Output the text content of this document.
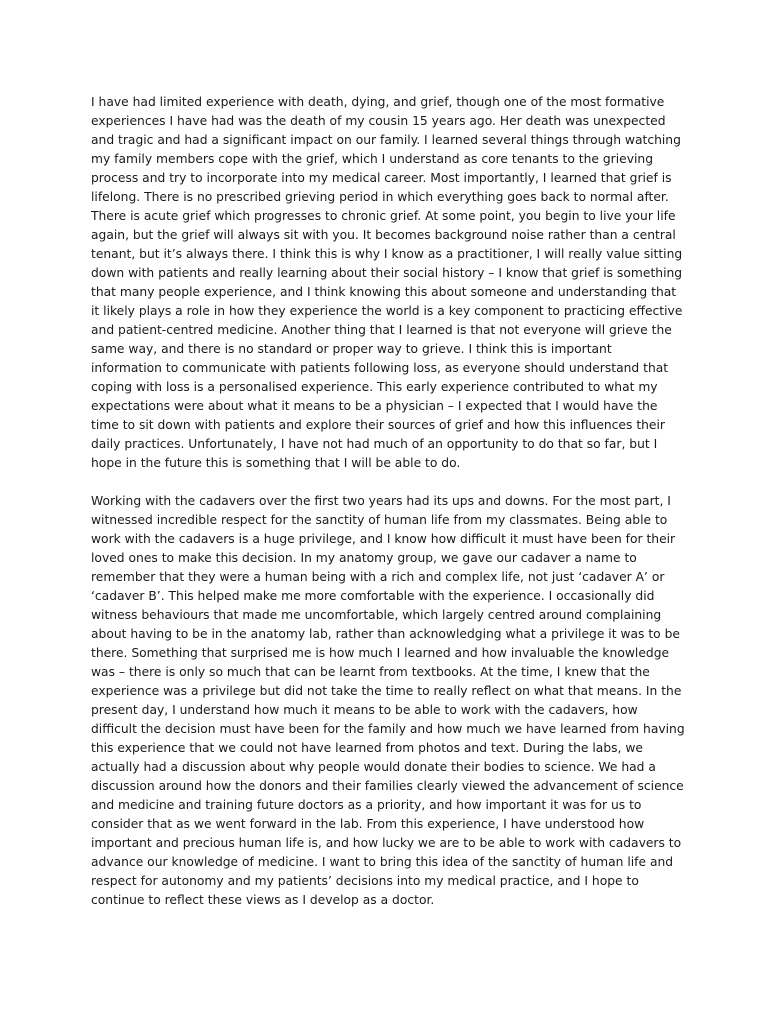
I have had limited experience with death, dying, and grief, though one of the most formative
experiences I have had was the death of my cousin 15 years ago. Her death was unexpected
and tragic and had a significant impact on our family. I learned several things through watching
my family members cope with the grief, which I understand as core tenants to the grieving
process and try to incorporate into my medical career. Most importantly, I learned that grief is
lifelong. There is no prescribed grieving period in which everything goes back to normal after.
There is acute grief which progresses to chronic grief. At some point, you begin to live your life
again, but the grief will always sit with you. It becomes background noise rather than a central
tenant, but it’s always there. I think this is why I know as a practitioner, I will really value sitting
down with patients and really learning about their social history – I know that grief is something
that many people experience, and I think knowing this about someone and understanding that
it likely plays a role in how they experience the world is a key component to practicing effective
and patient-centred medicine. Another thing that I learned is that not everyone will grieve the
same way, and there is no standard or proper way to grieve. I think this is important
information to communicate with patients following loss, as everyone should understand that
coping with loss is a personalised experience. This early experience contributed to what my
expectations were about what it means to be a physician – I expected that I would have the
time to sit down with patients and explore their sources of grief and how this influences their
daily practices. Unfortunately, I have not had much of an opportunity to do that so far, but I
hope in the future this is something that I will be able to do.
Working with the cadavers over the first two years had its ups and downs. For the most part, I
witnessed incredible respect for the sanctity of human life from my classmates. Being able to
work with the cadavers is a huge privilege, and I know how difficult it must have been for their
loved ones to make this decision. In my anatomy group, we gave our cadaver a name to
remember that they were a human being with a rich and complex life, not just ‘cadaver A’ or
‘cadaver B’. This helped make me more comfortable with the experience. I occasionally did
witness behaviours that made me uncomfortable, which largely centred around complaining
about having to be in the anatomy lab, rather than acknowledging what a privilege it was to be
there. Something that surprised me is how much I learned and how invaluable the knowledge
was – there is only so much that can be learnt from textbooks. At the time, I knew that the
experience was a privilege but did not take the time to really reflect on what that means. In the
present day, I understand how much it means to be able to work with the cadavers, how
difficult the decision must have been for the family and how much we have learned from having
this experience that we could not have learned from photos and text. During the labs, we
actually had a discussion about why people would donate their bodies to science. We had a
discussion around how the donors and their families clearly viewed the advancement of science
and medicine and training future doctors as a priority, and how important it was for us to
consider that as we went forward in the lab. From this experience, I have understood how
important and precious human life is, and how lucky we are to be able to work with cadavers to
advance our knowledge of medicine. I want to bring this idea of the sanctity of human life and
respect for autonomy and my patients’ decisions into my medical practice, and I hope to
continue to reflect these views as I develop as a doctor.
